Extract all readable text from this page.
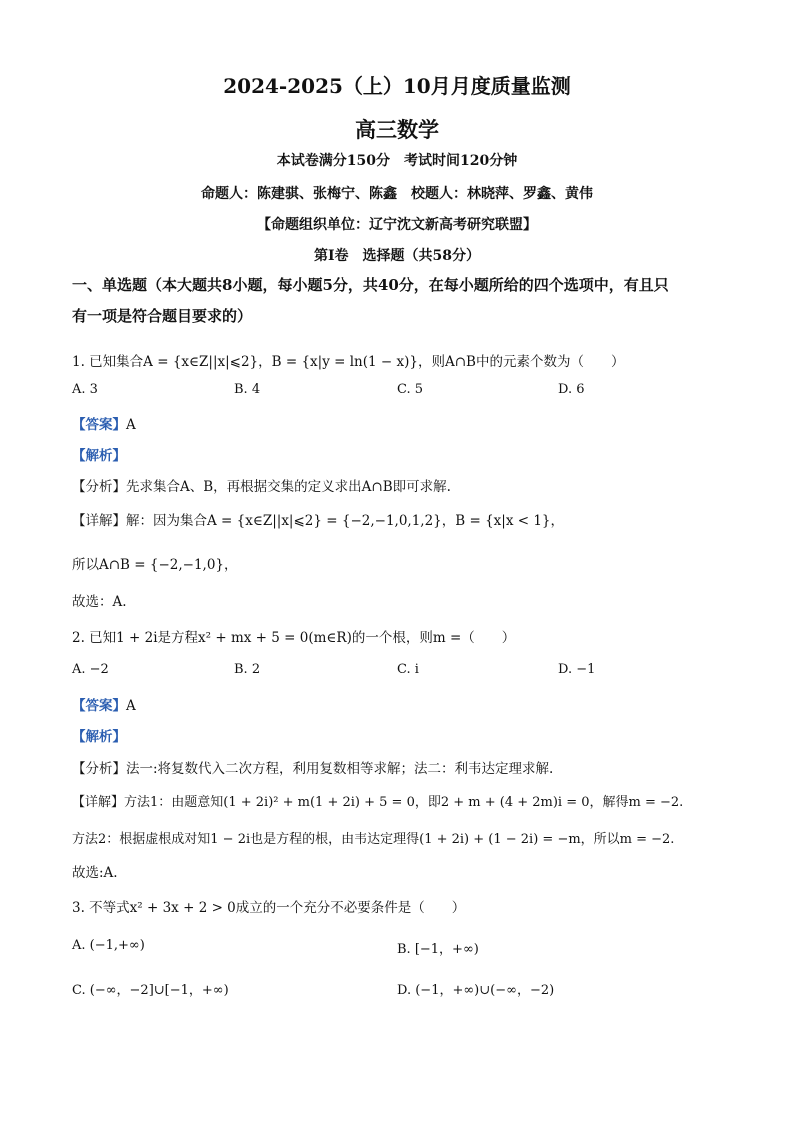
2024-2025（上）10月月度质量监测
高三数学
本试卷满分150分　考试时间120分钟
命题人：陈建骐、张梅宁、陈鑫　校题人：林晓萍、罗鑫、黄伟
【命题组织单位：辽宁沈文新高考研究联盟】
第Ⅰ卷　选择题（共58分）
一、单选题（本大题共8小题，每小题5分，共40分，在每小题所给的四个选项中，有且只
有一项是符合题目要求的）
1. 已知集合A = {x∈Z||x|⩽2}，B = {x|y = ln(1 − x)}，则A∩B中的元素个数为（　　）
A. 3	B. 4	C. 5	D. 6
【答案】A
【解析】
【分析】先求集合A、B，再根据交集的定义求出A∩B即可求解.
【详解】解：因为集合A = {x∈Z||x|⩽2} = {−2,−1,0,1,2}，B = {x|x < 1}，
所以A∩B = {−2,−1,0}，
故选：A.
2. 已知1 + 2i是方程x² + mx + 5 = 0(m∈R)的一个根，则m =（　　）
A. −2	B. 2	C. i	D. −1
【答案】A
【解析】
【分析】法一:将复数代入二次方程，利用复数相等求解；法二：利韦达定理求解.
【详解】方法1：由题意知(1 + 2i)² + m(1 + 2i) + 5 = 0，即2 + m + (4 + 2m)i = 0，解得m = −2.
方法2：根据虚根成对知1 − 2i也是方程的根，由韦达定理得(1 + 2i) + (1 − 2i) = −m，所以m = −2.
故选:A.
3. 不等式x² + 3x + 2 > 0成立的一个充分不必要条件是（　　）
A. (−1,+∞)	B. [−1，+∞)
C. (−∞，−2]∪[−1，+∞)	D. (−1，+∞)∪(−∞，−2)
